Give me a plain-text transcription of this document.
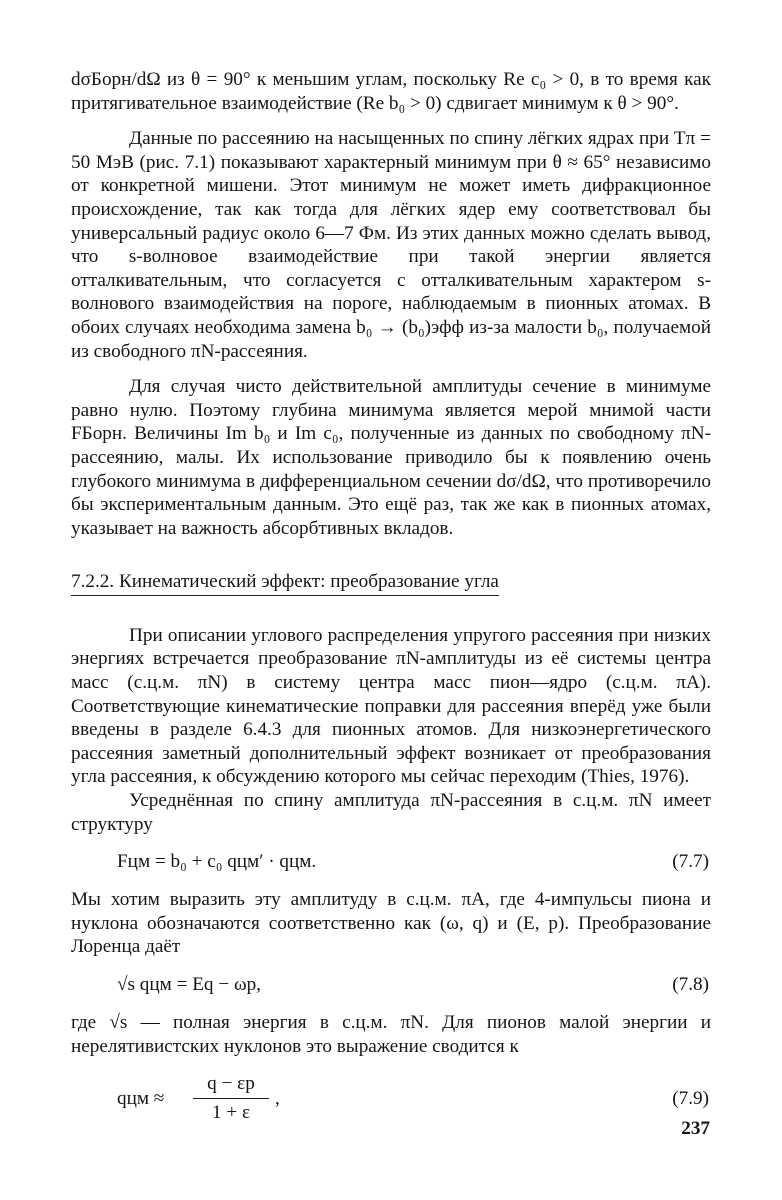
dσБорн/dΩ из θ = 90° к меньшим углам, поскольку Re c₀ > 0, в то время как притягивательное взаимодействие (Re b₀ > 0) сдвигает минимум к θ > 90°.

Данные по рассеянию на насыщенных по спину лёгких ядрах при Tπ = 50 МэВ (рис. 7.1) показывают характерный минимум при θ ≈ 65° независимо от конкретной мишени. Этот минимум не может иметь дифракционное происхождение, так как тогда для лёгких ядер ему соответствовал бы универсальный радиус около 6—7 Фм. Из этих данных можно сделать вывод, что s-волновое взаимодействие при такой энергии является отталкивательным, что согласуется с отталкивательным характером s-волнового взаимодействия на пороге, наблюдаемым в пионных атомах. В обоих случаях необходима замена b₀ → (b₀)эфф из-за малости b₀, получаемой из свободного πN-рассеяния.

Для случая чисто действительной амплитуды сечение в минимуме равно нулю. Поэтому глубина минимума является мерой мнимой части FБорн. Величины Im b₀ и Im c₀, полученные из данных по свободному πN-рассеянию, малы. Их использование приводило бы к появлению очень глубокого минимума в дифференциальном сечении dσ/dΩ, что противоречило бы экспериментальным данным. Это ещё раз, так же как в пионных атомах, указывает на важность абсорбтивных вкладов.

7.2.2. Кинематический эффект: преобразование угла

При описании углового распределения упругого рассеяния при низких энергиях встречается преобразование πN-амплитуды из её системы центра масс (с.ц.м. πN) в систему центра масс пион—ядро (с.ц.м. πA). Соответствующие кинематические поправки для рассеяния вперёд уже были введены в разделе 6.4.3 для пионных атомов. Для низкоэнергетического рассеяния заметный дополнительный эффект возникает от преобразования угла рассеяния, к обсуждению которого мы сейчас переходим (Thies, 1976).

Усреднённая по спину амплитуда πN-рассеяния в с.ц.м. πN имеет структуру

Fцм = b₀ + c₀ qцм′ · qцм.	(7.7)

Мы хотим выразить эту амплитуду в с.ц.м. πA, где 4-импульсы пиона и нуклона обозначаются соответственно как (ω, q) и (E, p). Преобразование Лоренца даёт

√s qцм = Eq − ωp,	(7.8)

где √s — полная энергия в с.ц.м. πN. Для пионов малой энергии и нерелятивистских нуклонов это выражение сводится к

qцм ≈
q − εp
1 + ε
,	(7.9)
237
